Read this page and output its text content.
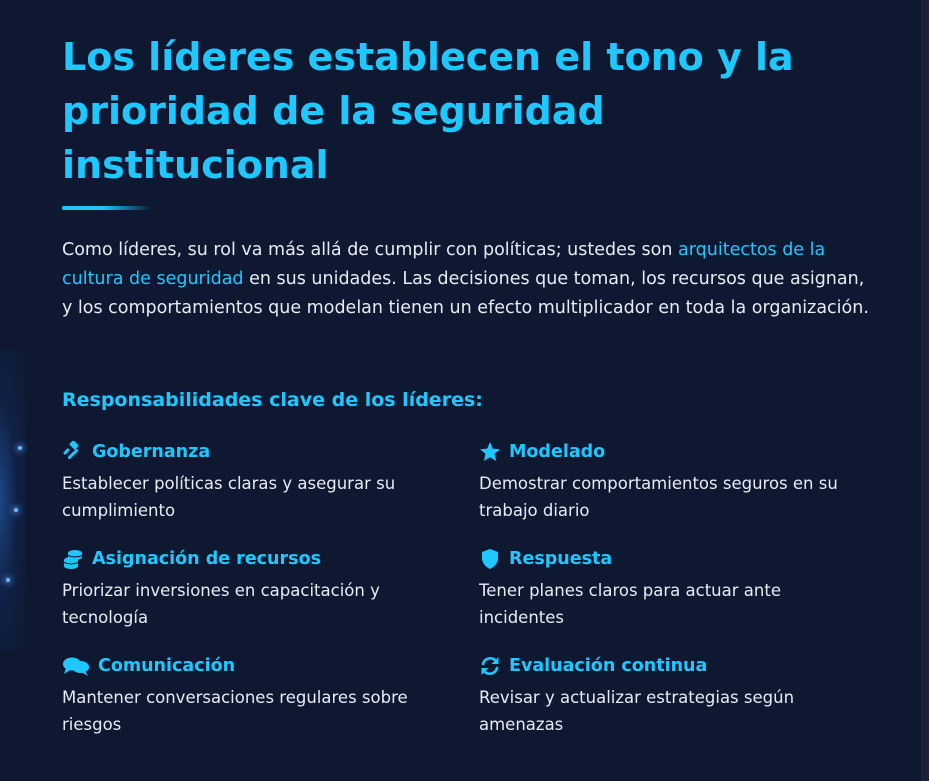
Los líderes establecen el tono y la prioridad de la seguridad institucional

Como líderes, su rol va más allá de cumplir con políticas; ustedes son arquitectos de la cultura de seguridad en sus unidades. Las decisiones que toman, los recursos que asignan, y los comportamientos que modelan tienen un efecto multiplicador en toda la organización.

Responsabilidades clave de los líderes:
Gobernanza

Establecer políticas claras y asegurar su cumplimiento

Modelado

Demostrar comportamientos seguros en su trabajo diario

Asignación de recursos

Priorizar inversiones en capacitación y tecnología

Respuesta

Tener planes claros para actuar ante incidentes

Comunicación

Mantener conversaciones regulares sobre riesgos

Evaluación continua

Revisar y actualizar estrategias según amenazas
